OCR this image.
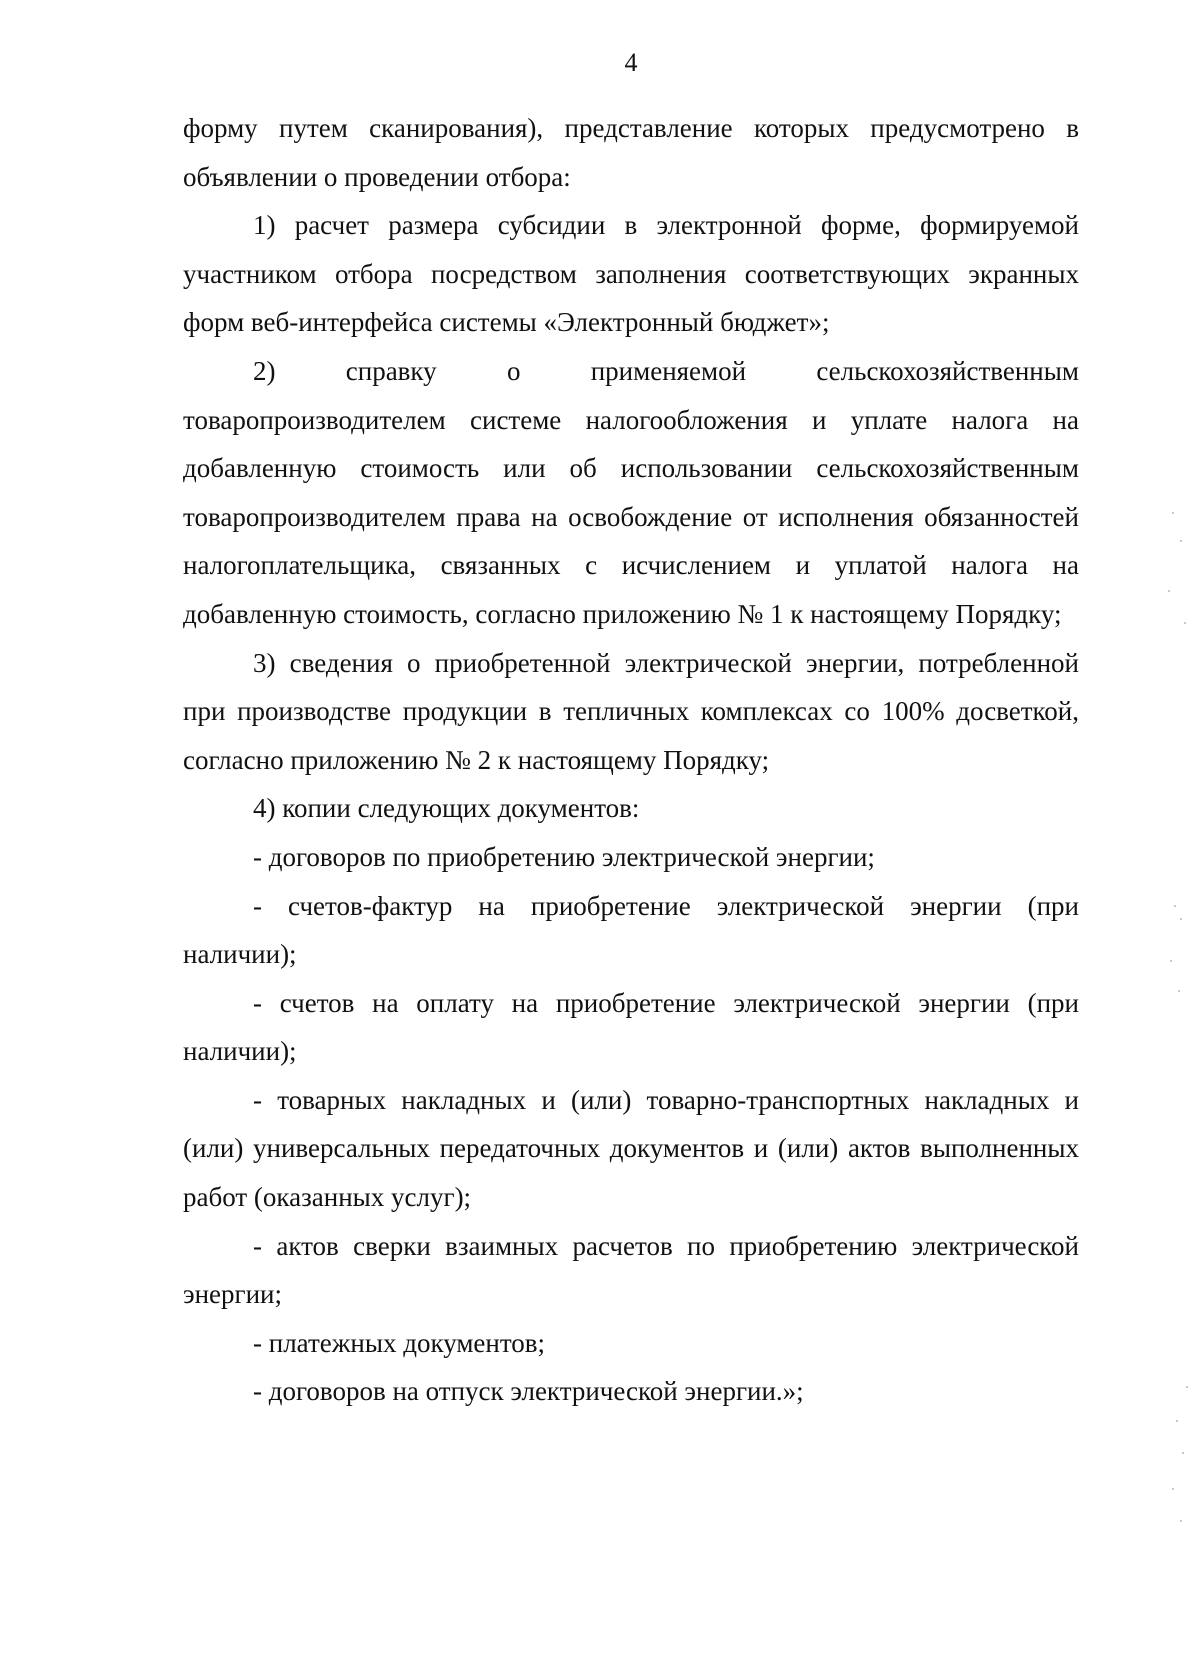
4

форму путем сканирования), представление которых предусмотрено в объявлении о проведении отбора:

1) расчет размера субсидии в электронной форме, формируемой участником отбора посредством заполнения соответствующих экранных форм веб-интерфейса системы «Электронный бюджет»;

2) справку о применяемой сельскохозяйственным товаропроизводителем системе налогообложения и уплате налога на добавленную стоимость или об использовании сельскохозяйственным товаропроизводителем права на освобождение от исполнения обязанностей налогоплательщика, связанных с исчислением и уплатой налога на добавленную стоимость, согласно приложению № 1 к настоящему Порядку;

3) сведения о приобретенной электрической энергии, потребленной при производстве продукции в тепличных комплексах со 100% досветкой, согласно приложению № 2 к настоящему Порядку;

4) копии следующих документов:

- договоров по приобретению электрической энергии;

- счетов-фактур на приобретение электрической энергии (при наличии);

- счетов на оплату на приобретение электрической энергии (при наличии);

- товарных накладных и (или) товарно-транспортных накладных и (или) универсальных передаточных документов и (или) актов выполненных работ (оказанных услуг);

- актов сверки взаимных расчетов по приобретению электрической энергии;

- платежных документов;

- договоров на отпуск электрической энергии.»;
